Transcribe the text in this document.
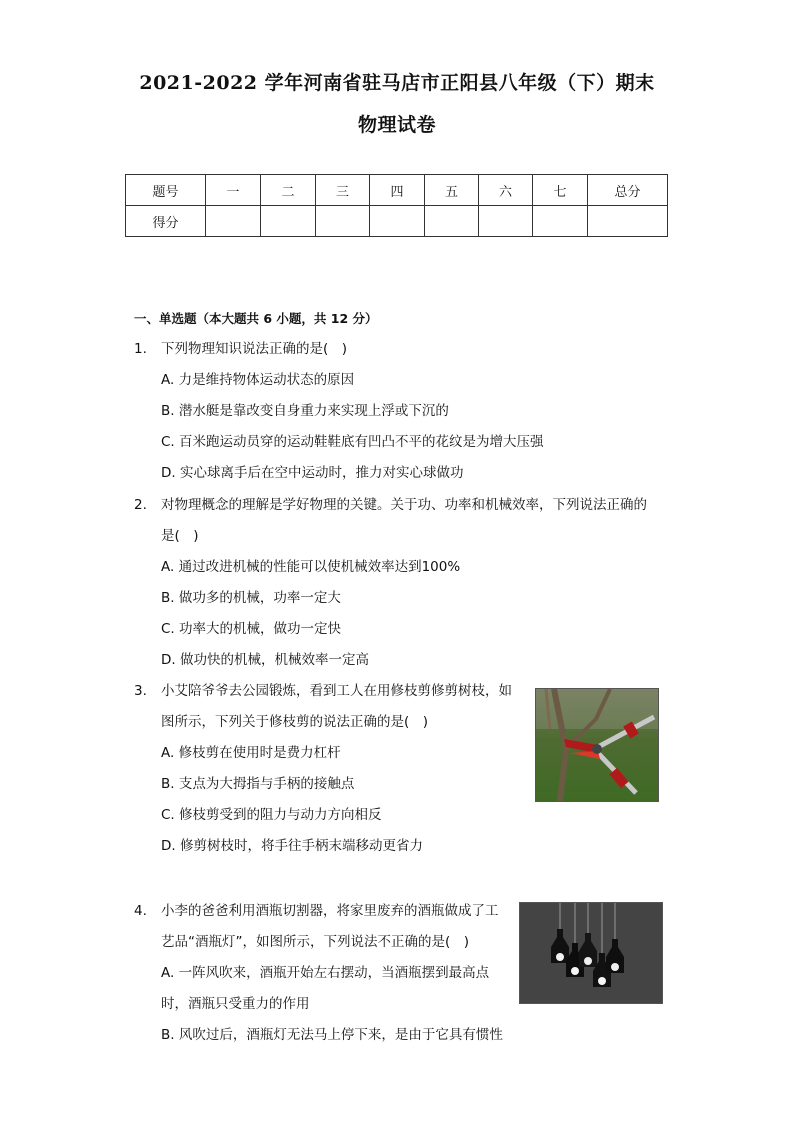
2021-2022 学年河南省驻马店市正阳县八年级（下）期末
物理试卷
题号	一	二	三	四	五	六	七	总分
得分								
一、单选题（本大题共 6 小题，共 12 分）
1.	下列物理知识说法正确的是(　)
A. 力是维持物体运动状态的原因
B. 潜水艇是靠改变自身重力来实现上浮或下沉的
C. 百米跑运动员穿的运动鞋鞋底有凹凸不平的花纹是为增大压强
D. 实心球离手后在空中运动时，推力对实心球做功
2.	对物理概念的理解是学好物理的关键。关于功、功率和机械效率，下列说法正确的
是(　)
A. 通过改进机械的性能可以使机械效率达到100%
B. 做功多的机械，功率一定大
C. 功率大的机械，做功一定快
D. 做功快的机械，机械效率一定高
3.	小艾陪爷爷去公园锻炼，看到工人在用修枝剪修剪树枝，如
图所示，下列关于修枝剪的说法正确的是(　)
A. 修枝剪在使用时是费力杠杆
B. 支点为大拇指与手柄的接触点
C. 修枝剪受到的阻力与动力方向相反
D. 修剪树枝时，将手往手柄末端移动更省力
4.	小李的爸爸利用酒瓶切割器，将家里废弃的酒瓶做成了工
艺品“酒瓶灯”，如图所示，下列说法不正确的是(　)
A. 一阵风吹来，酒瓶开始左右摆动，当酒瓶摆到最高点
时，酒瓶只受重力的作用
B. 风吹过后，酒瓶灯无法马上停下来，是由于它具有惯性
